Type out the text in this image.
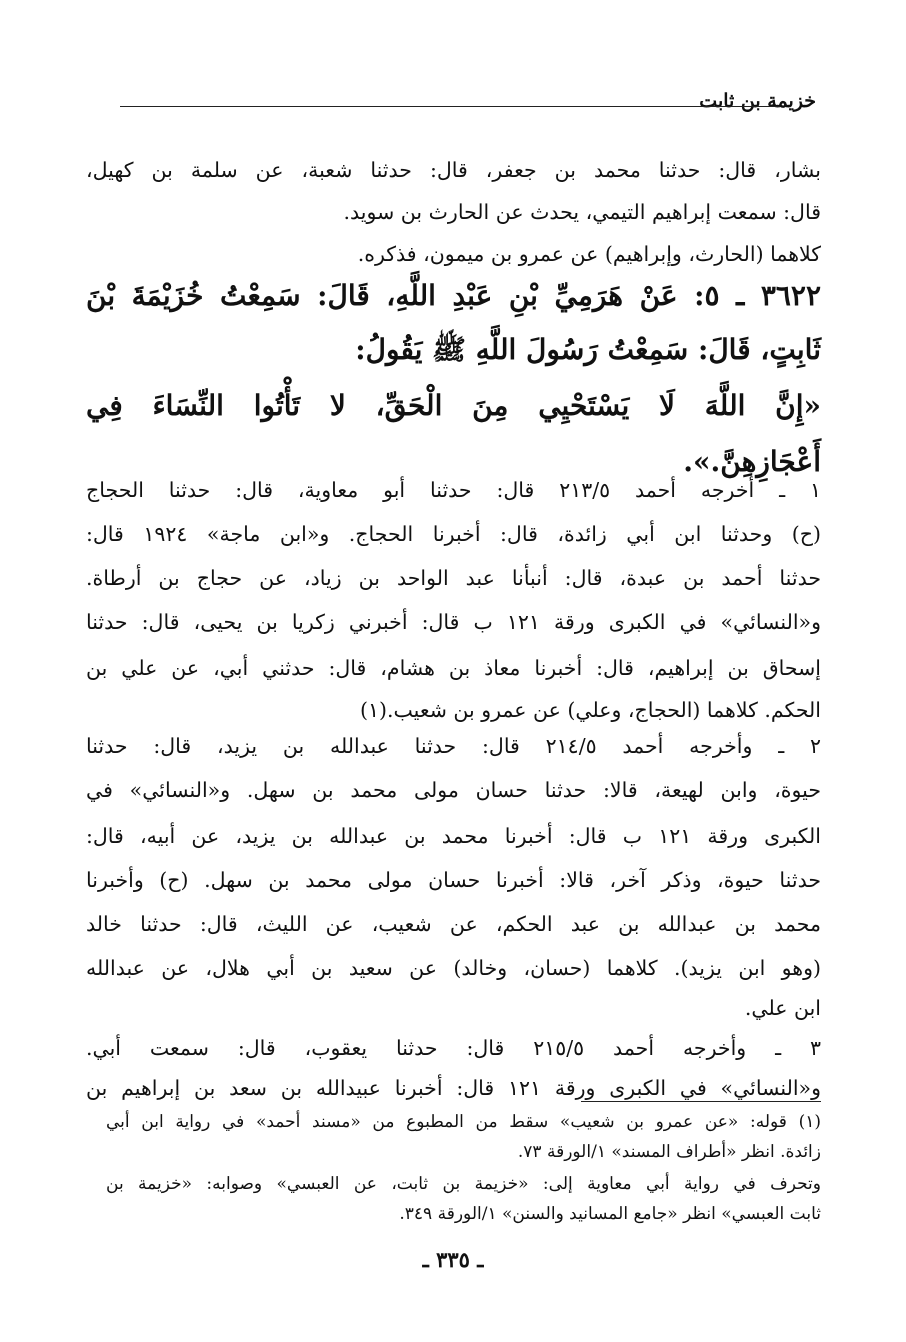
خزيمة بن ثابت
بشار، قال: حدثنا محمد بن جعفر، قال: حدثنا شعبة، عن سلمة بن كهيل،
قال: سمعت إبراهيم التيمي، يحدث عن الحارث بن سويد.
كلاهما (الحارث، وإبراهيم) عن عمرو بن ميمون، فذكره.
٣٦٢٢ ـ ٥: عَنْ هَرَمِيِّ بْنِ عَبْدِ اللَّهِ، قَالَ: سَمِعْتُ خُزَيْمَةَ بْنَ
ثَابِتٍ، قَالَ: سَمِعْتُ رَسُولَ اللَّهِ ﷺ يَقُولُ:
«إِنَّ اللَّهَ لَا يَسْتَحْيِي مِنَ الْحَقِّ، لا تَأْتُوا النِّسَاءَ فِي
أَعْجَازِهِنَّ.».
١ ـ أخرجه أحمد ٢١٣/٥ قال: حدثنا أبو معاوية، قال: حدثنا الحجاج
(ح) وحدثنا ابن أبي زائدة، قال: أخبرنا الحجاج. و«ابن ماجة» ١٩٢٤ قال:
حدثنا أحمد بن عبدة، قال: أنبأنا عبد الواحد بن زياد، عن حجاج بن أرطاة.
و«النسائي» في الكبرى ورقة ١٢١ ب قال: أخبرني زكريا بن يحيى، قال: حدثنا
إسحاق بن إبراهيم، قال: أخبرنا معاذ بن هشام، قال: حدثني أبي، عن علي بن
الحكم. كلاهما (الحجاج، وعلي) عن عمرو بن شعيب.(١)
٢ ـ وأخرجه أحمد ٢١٤/٥ قال: حدثنا عبدالله بن يزيد، قال: حدثنا
حيوة، وابن لهيعة، قالا: حدثنا حسان مولى محمد بن سهل. و«النسائي» في
الكبرى ورقة ١٢١ ب قال: أخبرنا محمد بن عبدالله بن يزيد، عن أبيه، قال:
حدثنا حيوة، وذكر آخر، قالا: أخبرنا حسان مولى محمد بن سهل. (ح) وأخبرنا
محمد بن عبدالله بن عبد الحكم، عن شعيب، عن الليث، قال: حدثنا خالد
(وهو ابن يزيد). كلاهما (حسان، وخالد) عن سعيد بن أبي هلال، عن عبدالله
ابن علي.
٣ ـ وأخرجه أحمد ٢١٥/٥ قال: حدثنا يعقوب، قال: سمعت أبي.
و«النسائي» في الكبرى ورقة ١٢١ قال: أخبرنا عبيدالله بن سعد بن إبراهيم بن
(١) قوله: «عن عمرو بن شعيب» سقط من المطبوع من «مسند أحمد» في رواية ابن أبي
زائدة. انظر «أطراف المسند» ١/الورقة ٧٣.
وتحرف في رواية أبي معاوية إلى: «خزيمة بن ثابت، عن العبسي» وصوابه: «خزيمة بن
ثابت العبسي» انظر «جامع المسانيد والسنن» ١/الورقة ٣٤٩.
ـ ٣٣٥ ـ
